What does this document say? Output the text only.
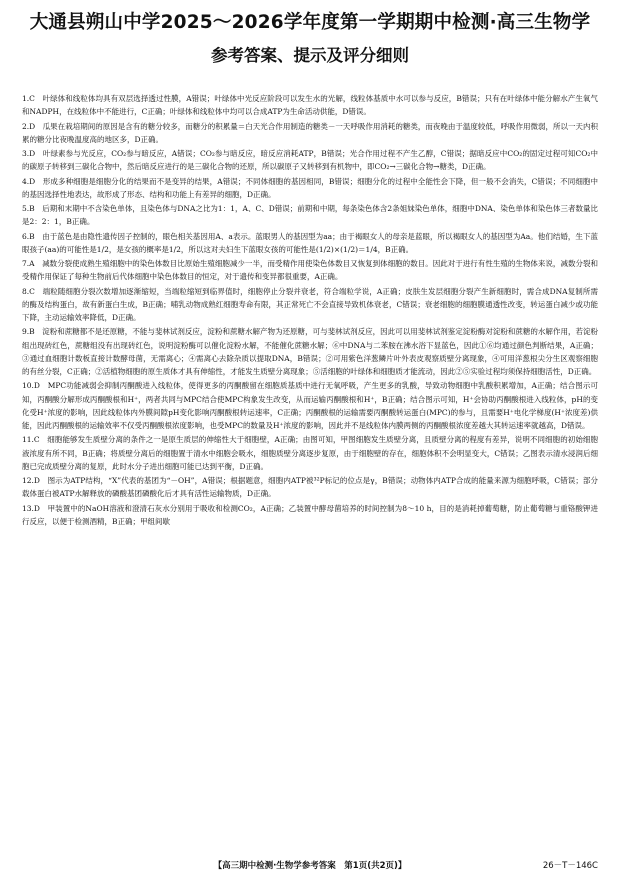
大通县朔山中学2025～2026学年度第一学期期中检测·高三生物学
参考答案、提示及评分细则

1.C　叶绿体和线粒体均具有双层选择透过性膜，A错误；叶绿体中光反应阶段可以发生水的光解，线粒体基质中水可以参与反应，B错误；只有在叶绿体中能分解水产生氧气和NADPH，在线粒体中不能进行，C正确；叶绿体和线粒体中均可以合成ATP为生命活动供能，D错误。

2.D　瓜果在栽培期间的原因是含有的糖分较多，而糖分的积累量＝白天光合作用制造的糖类－一天呼吸作用消耗的糖类，而夜晚由于温度较低，呼吸作用微弱，所以一天内积累的糖分比夜晚温度高的地区多，D正确。

3.D　叶绿素参与光反应，CO₂参与暗反应，A错误；CO₂参与暗反应，暗反应消耗ATP，B错误；光合作用过程不产生乙醇，C错误；据暗反应中CO₂的固定过程可知CO₂中的碳原子转移到三碳化合物中，然后暗反应进行的是三碳化合物的还原，所以碳原子又转移到有机物中，即CO₂→三碳化合物→糖类，D正确。

4.D　形成多种细胞是细胞分化的结果而不是变异的结果，A错误；不同体细胞的基因相同，B错误；细胞分化的过程中全能性会下降，但一般不会消失，C错误；不同细胞中的基因选择性地表达，故形成了形态、结构和功能上有差异的细胞，D正确。

5.B　后期和末期中不含染色单体，且染色体与DNA之比为1：1，A、C、D错误；前期和中期，每条染色体含2条姐妹染色单体，细胞中DNA、染色单体和染色体三者数量比是2：2：1，B正确。

6.B　由于蓝色是由隐性遗传因子控制的，眼色相关基因用A、a表示。蓝眼男人的基因型为aa；由于褐眼女人的母亲是蓝眼，所以褐眼女人的基因型为Aa。他们结婚，生下蓝眼孩子(aa)的可能性是1/2，是女孩的概率是1/2，所以这对夫妇生下蓝眼女孩的可能性是(1/2)×(1/2)＝1/4，B正确。

7.A　减数分裂使成熟生殖细胞中的染色体数目比原始生殖细胞减少一半，而受精作用使染色体数目又恢复到体细胞的数目。因此对于进行有性生殖的生物体来说，减数分裂和受精作用保证了每种生物前后代体细胞中染色体数目的恒定，对于遗传和变异都很重要，A正确。

8.C　端粒随细胞分裂次数增加逐渐缩短，当端粒缩短到临界值时，细胞停止分裂并衰老，符合端粒学说，A正确；皮肤生发层细胞分裂产生新细胞时，需合成DNA复制所需的酶及结构蛋白，故有新蛋白生成，B正确；哺乳动物成熟红细胞寿命有限，其正常死亡不会直接导致机体衰老，C错误；衰老细胞的细胞膜通透性改变，转运蛋白减少或功能下降，主动运输效率降低，D正确。

9.B　淀粉和蔗糖都不是还原糖，不能与斐林试剂反应，淀粉和蔗糖水解产物为还原糖，可与斐林试剂反应，因此可以用斐林试剂鉴定淀粉酶对淀粉和蔗糖的水解作用，若淀粉组出现砖红色，蔗糖组没有出现砖红色，说明淀粉酶可以催化淀粉水解，不能催化蔗糖水解；⑥中DNA与二苯胺在沸水浴下显蓝色，因此①⑥均通过颜色判断结果，A正确；③通过血细胞计数板直接计数酵母菌，无需离心；④需离心去除杂质以提取DNA，B错误；②可用紫色洋葱鳞片叶外表皮观察质壁分离现象，④可用洋葱根尖分生区观察细胞的有丝分裂，C正确；②活植物细胞的原生质体才具有伸缩性，才能发生质壁分离现象；⑤活细胞的叶绿体和细胞质才能流动，因此②⑤实验过程均须保持细胞活性，D正确。

10.D　MPC功能减弱会抑制丙酮酸进入线粒体，使得更多的丙酮酸留在细胞质基质中进行无氧呼吸，产生更多的乳酸，导致动物细胞中乳酸积累增加，A正确；结合图示可知，丙酮酸分解形成丙酮酸根和H⁺，两者共同与MPC结合使MPC构象发生改变，从而运输丙酮酸根和H⁺，B正确；结合图示可知，H⁺会协助丙酮酸根进入线粒体，pH的变化受H⁺浓度的影响，因此线粒体内外膜间隙pH变化影响丙酮酸根转运速率，C正确；丙酮酸根的运输需要丙酮酸转运蛋白(MPC)的参与，且需要H⁺电化学梯度(H⁺浓度差)供能，因此丙酮酸根的运输效率不仅受丙酮酸根浓度影响，也受MPC的数量及H⁺浓度的影响，因此并不是线粒体内膜两侧的丙酮酸根浓度差越大其转运速率就越高，D错误。

11.C　细胞能够发生质壁分离的条件之一是原生质层的伸缩性大于细胞壁，A正确；由图可知，甲图细胞发生质壁分离，且质壁分离的程度有差异，说明不同细胞的初始细胞液浓度有所不同，B正确；将质壁分离后的细胞置于清水中细胞会吸水，细胞质壁分离逐步复原，由于细胞壁的存在，细胞体积不会明显变大，C错误；乙图表示清水浸润后细胞已完成质壁分离的复原，此时水分子进出细胞可能已达到平衡，D正确。

12.D　图示为ATP结构，“X”代表的基团为“－OH”，A错误；根据题意，细胞内ATP被³²P标记的位点是γ，B错误；动物体内ATP合成的能量来源为细胞呼吸，C错误；部分载体蛋白被ATP水解释放的磷酸基团磷酸化后才具有活性运输物质，D正确。

13.D　甲装置中的NaOH溶液和澄清石灰水分别用于吸收和检测CO₂，A正确；乙装置中酵母菌培养的时间控制为8～10 h，目的是消耗掉葡萄糖，防止葡萄糖与重铬酸钾进行反应，以便于检测酒精，B正确；甲组间歇

【高三期中检测·生物学参考答案　第1页(共2页)】	26－T－146C
